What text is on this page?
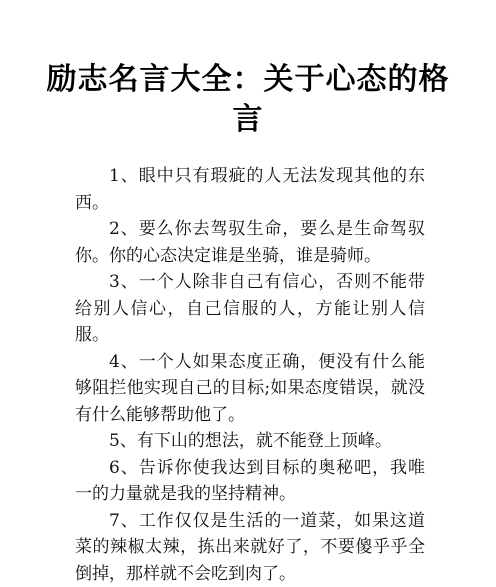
励志名言大全：关于心态的格言

1、眼中只有瑕疵的人无法发现其他的东西。

2、要么你去驾驭生命，要么是生命驾驭你。你的心态决定谁是坐骑，谁是骑师。

3、一个人除非自己有信心，否则不能带给别人信心，自己信服的人，方能让别人信服。

4、一个人如果态度正确，便没有什么能够阻拦他实现自己的目标;如果态度错误，就没有什么能够帮助他了。

5、有下山的想法，就不能登上顶峰。

6、告诉你使我达到目标的奥秘吧，我唯一的力量就是我的坚持精神。

7、工作仅仅是生活的一道菜，如果这道菜的辣椒太辣，拣出来就好了，不要傻乎乎全倒掉，那样就不会吃到肉了。
